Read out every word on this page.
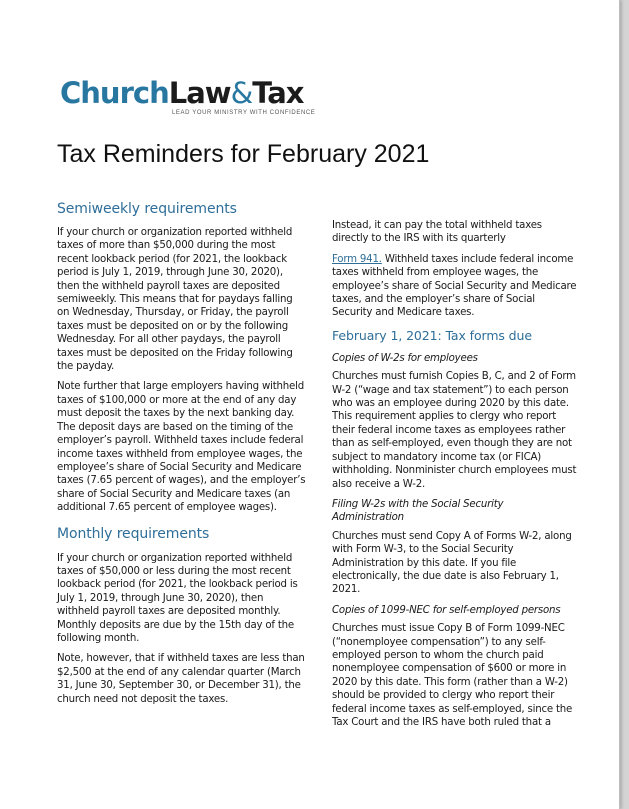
ChurchLaw&Tax
LEAD YOUR MINISTRY WITH CONFIDENCE
Tax Reminders for February 2021
Semiweekly requirements

If your church or organization reported withheld taxes of more than $50,000 during the most recent lookback period (for 2021, the lookback period is July 1, 2019, through June 30, 2020), then the withheld payroll taxes are deposited semiweekly. This means that for paydays falling on Wednesday, Thursday, or Friday, the payroll taxes must be deposited on or by the following Wednesday. For all other paydays, the payroll taxes must be deposited on the Friday following the payday.

Note further that large employers having withheld taxes of $100,000 or more at the end of any day must deposit the taxes by the next banking day. The deposit days are based on the timing of the employer’s payroll. Withheld taxes include federal income taxes withheld from employee wages, the employee’s share of Social Security and Medicare taxes (7.65 percent of wages), and the employer’s share of Social Security and Medicare taxes (an additional 7.65 percent of employee wages).

Monthly requirements

If your church or organization reported withheld taxes of $50,000 or less during the most recent lookback period (for 2021, the lookback period is July 1, 2019, through June 30, 2020), then withheld payroll taxes are deposited monthly. Monthly deposits are due by the 15th day of the following month.

Note, however, that if withheld taxes are less than $2,500 at the end of any calendar quarter (March 31, June 30, September 30, or December 31), the church need not deposit the taxes.

Instead, it can pay the total withheld taxes directly to the IRS with its quarterly

Form 941. Withheld taxes include federal income taxes withheld from employee wages, the employee’s share of Social Security and Medicare taxes, and the employer’s share of Social Security and Medicare taxes.

February 1, 2021: Tax forms due
Copies of W-2s for employees

Churches must furnish Copies B, C, and 2 of Form W-2 (“wage and tax statement”) to each person who was an employee during 2020 by this date. This requirement applies to clergy who report their federal income taxes as employees rather than as self-employed, even though they are not subject to mandatory income tax (or FICA) withholding. Nonminister church employees must also receive a W-2.

Filing W-2s with the Social Security Administration

Churches must send Copy A of Forms W-2, along with Form W-3, to the Social Security Administration by this date. If you file electronically, the due date is also February 1, 2021.

Copies of 1099-NEC for self-employed persons

Churches must issue Copy B of Form 1099-NEC (“nonemployee compensation”) to any self-employed person to whom the church paid nonemployee compensation of $600 or more in 2020 by this date. This form (rather than a W-2) should be provided to clergy who report their federal income taxes as self-employed, since the Tax Court and the IRS have both ruled that a
